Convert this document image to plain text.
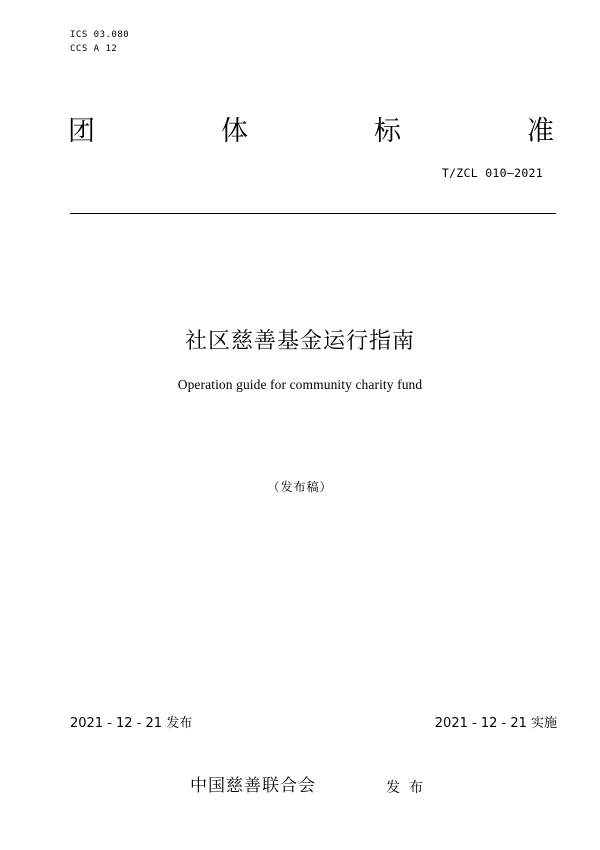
ICS 03.080
CCS A 12
团	体	标	准
T/ZCL 010—2021
社区慈善基金运行指南
Operation guide for community charity fund
（发布稿）
2021 - 12 - 21 发布	2021 - 12 - 21 实施
中国慈善联合会	发布
